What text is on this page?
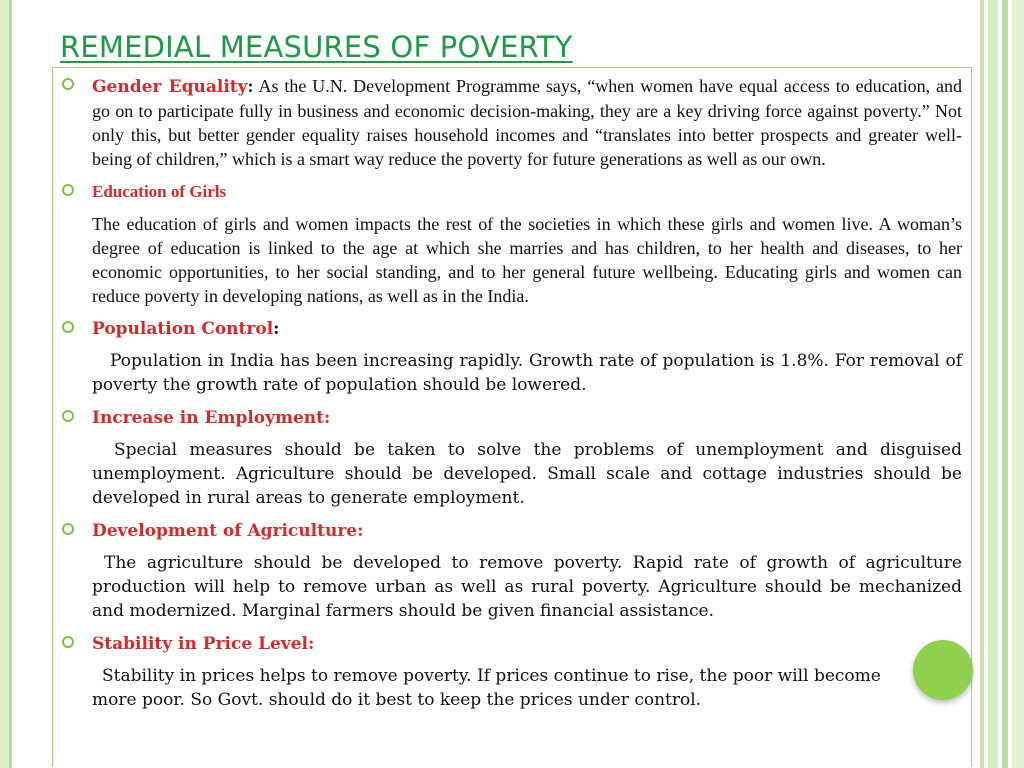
REMEDIAL MEASURES OF POVERTY

Gender Equality: As the U.N. Development Programme says, “when women have equal access to education, and go on to participate fully in business and economic decision-making, they are a key driving force against poverty.” Not only this, but better gender equality raises household incomes and “translates into better prospects and greater well-being of children,” which is a smart way reduce the poverty for future generations as well as our own.

Education of Girls

The education of girls and women impacts the rest of the societies in which these girls and women live. A woman’s degree of education is linked to the age at which she marries and has children, to her health and diseases, to her economic opportunities, to her social standing, and to her general future wellbeing. Educating girls and women can reduce poverty in developing nations, as well as in the India.

Population Control:

Population in India has been increasing rapidly. Growth rate of population is 1.8%. For removal of poverty the growth rate of population should be lowered.

Increase in Employment:

Special measures should be taken to solve the problems of unemployment and disguised unemployment. Agriculture should be developed. Small scale and cottage industries should be developed in rural areas to generate employment.

Development of Agriculture:

The agriculture should be developed to remove poverty. Rapid rate of growth of agriculture production will help to remove urban as well as rural poverty. Agriculture should be mechanized and modernized. Marginal farmers should be given financial assistance.

Stability in Price Level:

Stability in prices helps to remove poverty. If prices continue to rise, the poor will become more poor. So Govt. should do it best to keep the prices under control.
